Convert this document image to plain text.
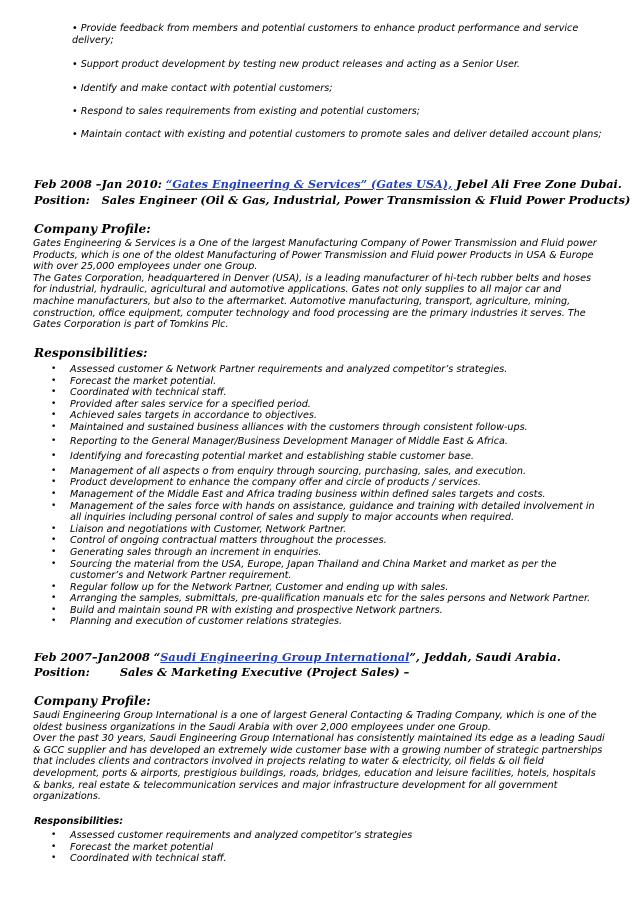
• Provide feedback from members and potential customers to enhance product performance and service delivery;
• Support product development by testing new product releases and acting as a Senior User.
• Identify and make contact with potential customers;
• Respond to sales requirements from existing and potential customers;
• Maintain contact with existing and potential customers to promote sales and deliver detailed account plans;
Feb 2008 –Jan 2010: “Gates Engineering & Services” (Gates USA), Jebel Ali Free Zone Dubai.
Position: Sales Engineer (Oil & Gas, Industrial, Power Transmission & Fluid Power Products)
Company Profile:
Gates Engineering & Services is a One of the largest Manufacturing Company of Power Transmission and Fluid power Products, which is one of the oldest Manufacturing of Power Transmission and Fluid power Products in USA & Europe with over 25,000 employees under one Group.
The Gates Corporation, headquartered in Denver (USA), is a leading manufacturer of hi-tech rubber belts and hoses for industrial, hydraulic, agricultural and automotive applications. Gates not only supplies to all major car and machine manufacturers, but also to the aftermarket. Automotive manufacturing, transport, agriculture, mining, construction, office equipment, computer technology and food processing are the primary industries it serves. The Gates Corporation is part of Tomkins Plc.
Responsibilities:
• Assessed customer & Network Partner requirements and analyzed competitor’s strategies.
• Forecast the market potential.
• Coordinated with technical staff.
• Provided after sales service for a specified period.
• Achieved sales targets in accordance to objectives.
• Maintained and sustained business alliances with the customers through consistent follow-ups.
• Reporting to the General Manager/Business Development Manager of Middle East & Africa.
• Identifying and forecasting potential market and establishing stable customer base.
• Management of all aspects o from enquiry through sourcing, purchasing, sales, and execution.
• Product development to enhance the company offer and circle of products / services.
• Management of the Middle East and Africa trading business within defined sales targets and costs.
• Management of the sales force with hands on assistance, guidance and training with detailed involvement in all inquiries including personal control of sales and supply to major accounts when required.
• Liaison and negotiations with Customer, Network Partner.
• Control of ongoing contractual matters throughout the processes.
• Generating sales through an increment in enquiries.
• Sourcing the material from the USA, Europe, Japan Thailand and China Market and market as per the customer’s and Network Partner requirement.
• Regular follow up for the Network Partner, Customer and ending up with sales.
• Arranging the samples, submittals, pre-qualification manuals etc for the sales persons and Network Partner.
• Build and maintain sound PR with existing and prospective Network partners.
• Planning and execution of customer relations strategies.
Feb 2007–Jan2008 “Saudi Engineering Group International”, Jeddah, Saudi Arabia.
Position:	Sales & Marketing Executive (Project Sales) –
Company Profile:
Saudi Engineering Group International is a one of largest General Contacting & Trading Company, which is one of the oldest business organizations in the Saudi Arabia with over 2,000 employees under one Group.
Over the past 30 years, Saudi Engineering Group International has consistently maintained its edge as a leading Saudi & GCC supplier and has developed an extremely wide customer base with a growing number of strategic partnerships that includes clients and contractors involved in projects relating to water & electricity, oil fields & oil field development, ports & airports, prestigious buildings, roads, bridges, education and leisure facilities, hotels, hospitals & banks, real estate & telecommunication services and major infrastructure development for all government organizations.
Responsibilities:
• Assessed customer requirements and analyzed competitor’s strategies
• Forecast the market potential
• Coordinated with technical staff.
